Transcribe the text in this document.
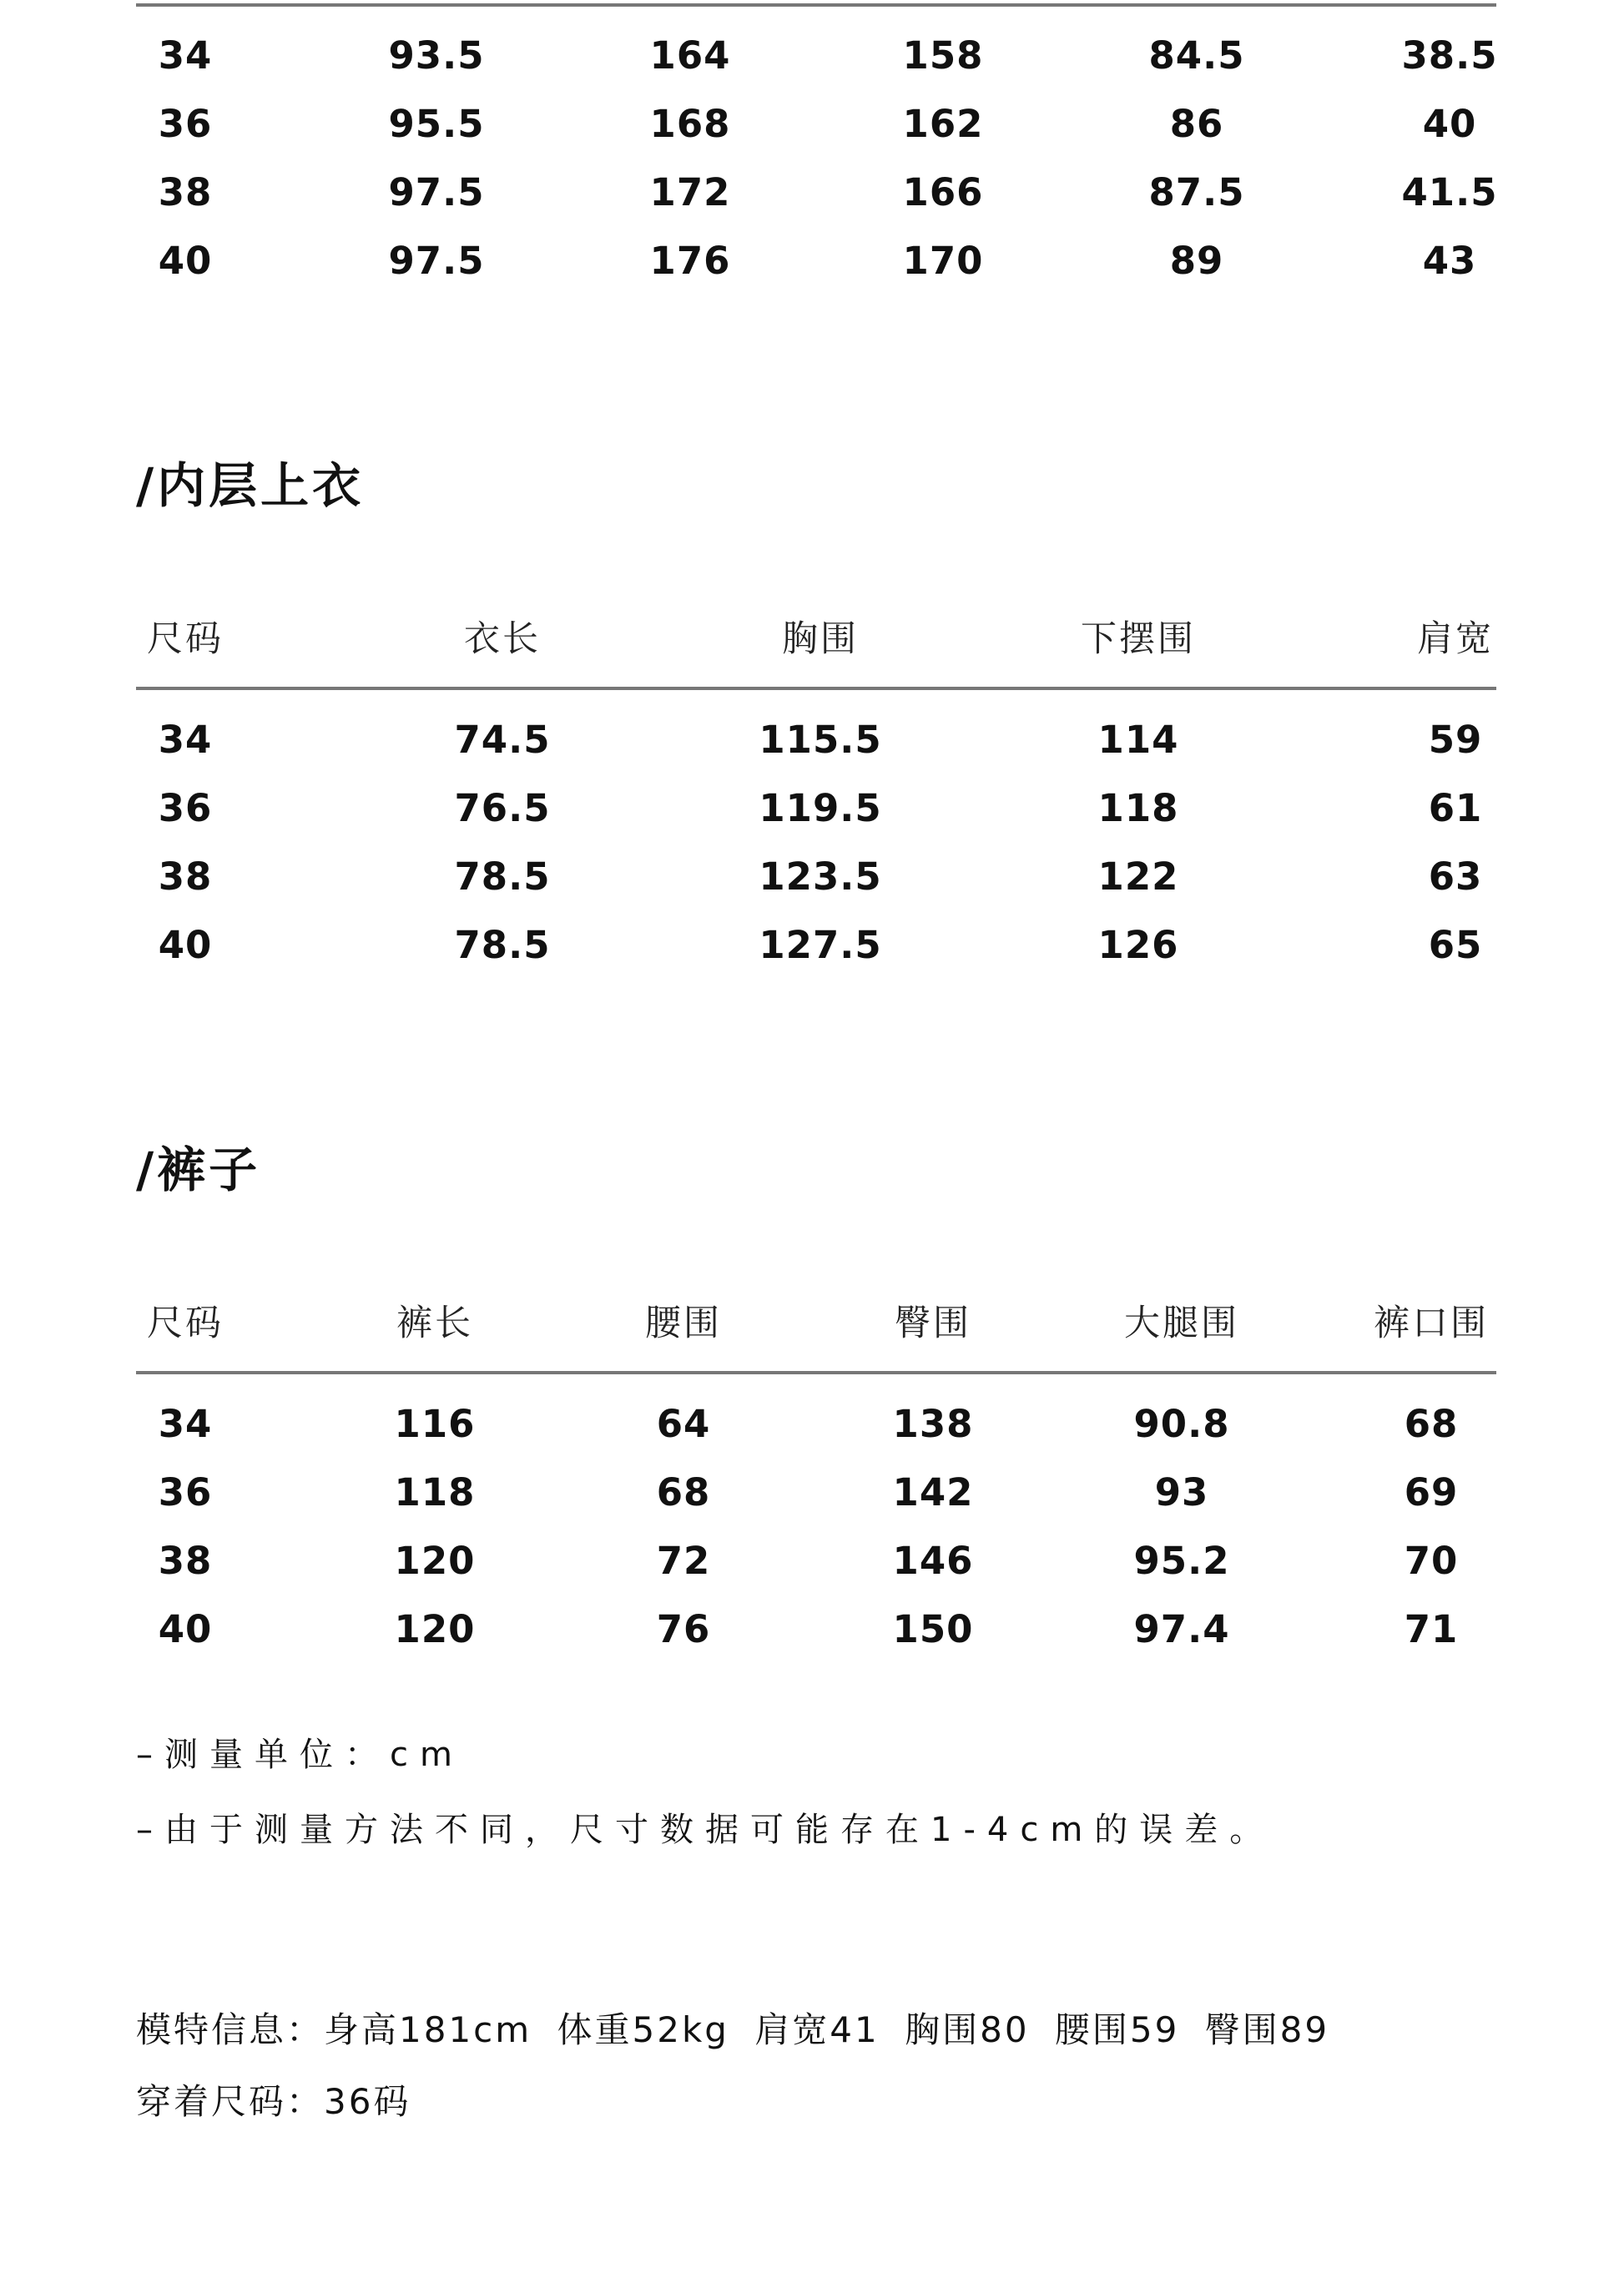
34	93.5	164	158	84.5	38.5
36	95.5	168	162	86	40
38	97.5	172	166	87.5	41.5
40	97.5	176	170	89	43
/内层上衣
尺码	衣长	胸围	下摆围	肩宽
34	74.5	115.5	114	59
36	76.5	119.5	118	61
38	78.5	123.5	122	63
40	78.5	127.5	126	65
/裤子
尺码	裤长	腰围	臀围	大腿围	裤口围
34	116	64	138	90.8	68
36	118	68	142	93	69
38	120	72	146	95.2	70
40	120	76	150	97.4	71
–测量单位：cm
–由于测量方法不同，尺寸数据可能存在1-4cm的误差。
模特信息：身高181cm 体重52kg 肩宽41 胸围80 腰围59 臀围89
穿着尺码：36码
